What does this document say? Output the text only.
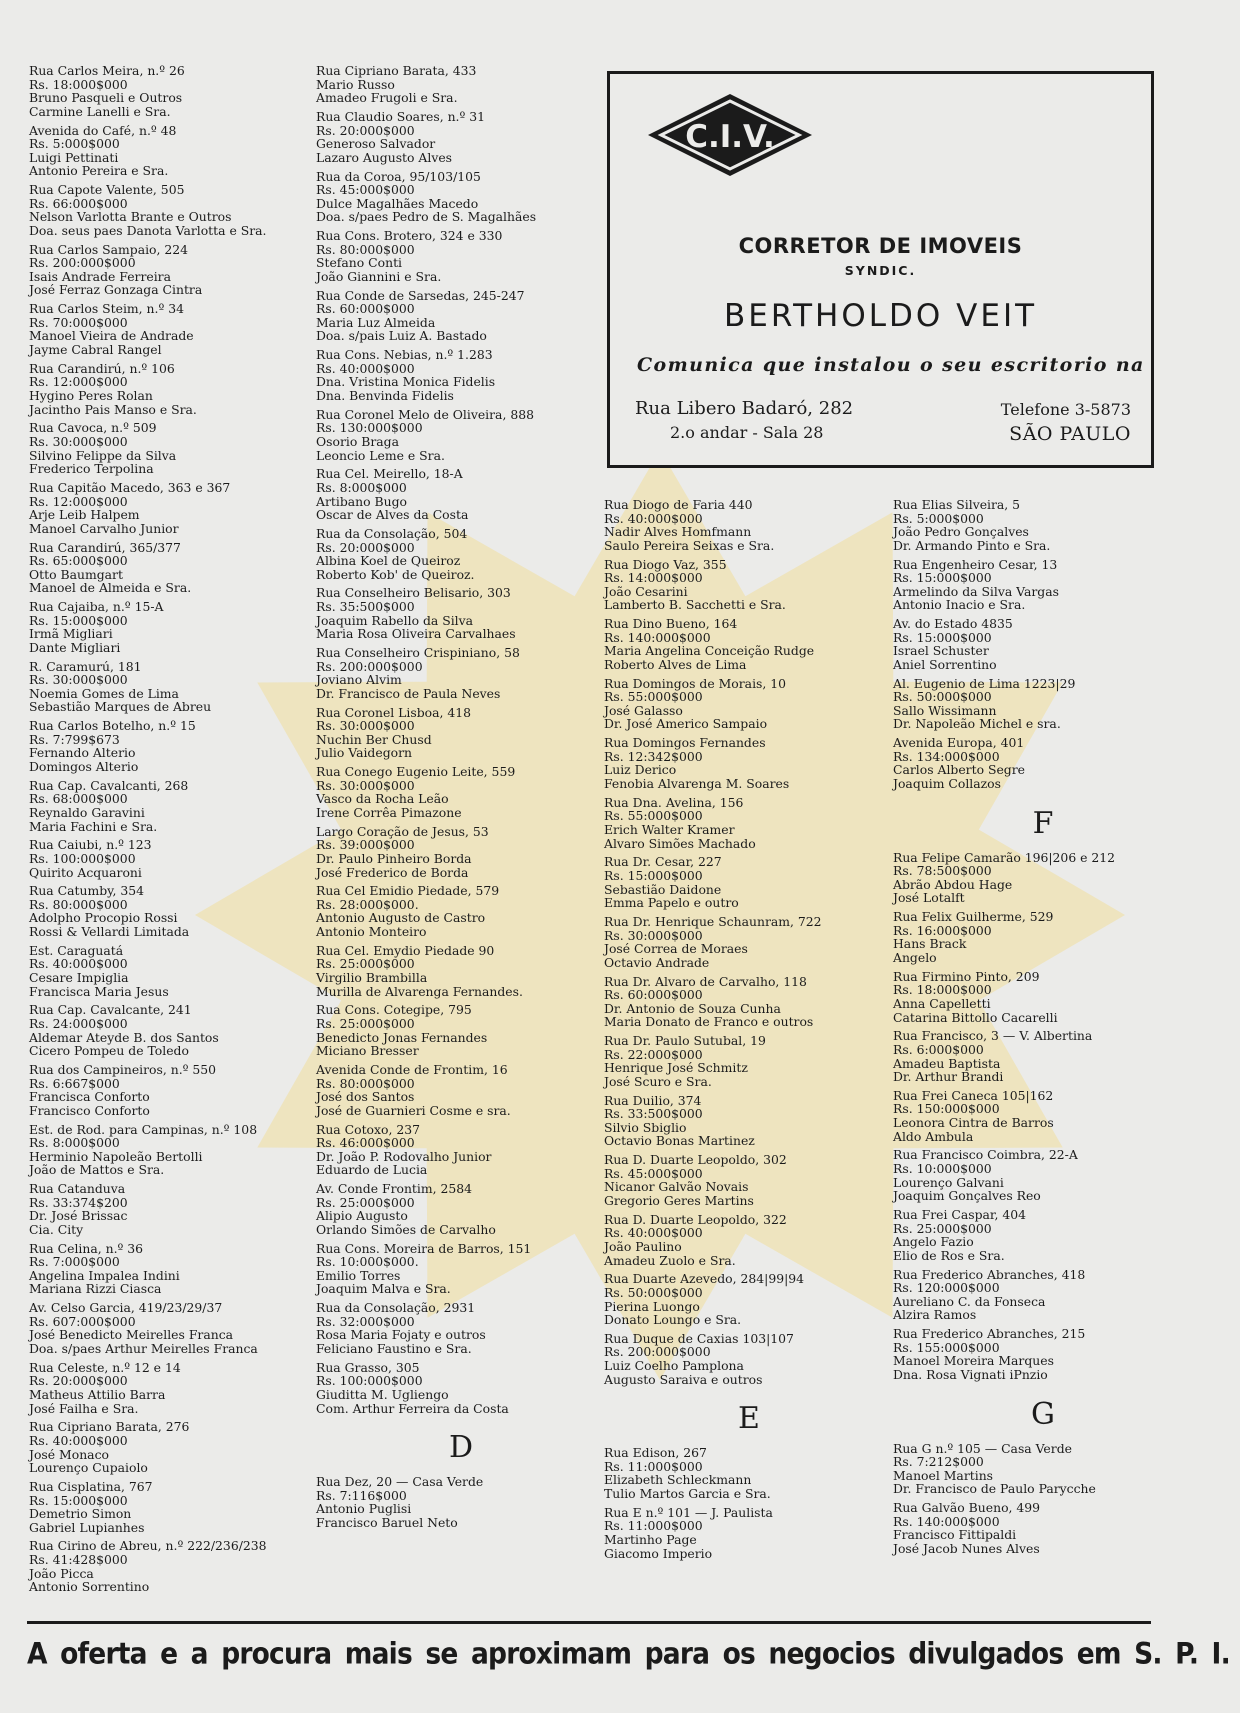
Rua Carlos Meira, n.º 26
Rs. 18:000$000
Bruno Pasqueli e Outros
Carmine Lanelli e Sra.
Avenida do Café, n.º 48
Rs. 5:000$000
Luigi Pettinati
Antonio Pereira e Sra.
Rua Capote Valente, 505
Rs. 66:000$000
Nelson Varlotta Brante e Outros
Doa. seus paes Danota Varlotta e Sra.
Rua Carlos Sampaio, 224
Rs. 200:000$000
Isais Andrade Ferreira
José Ferraz Gonzaga Cintra
Rua Carlos Steim, n.º 34
Rs. 70:000$000
Manoel Vieira de Andrade
Jayme Cabral Rangel
Rua Carandirú, n.º 106
Rs. 12:000$000
Hygino Peres Rolan
Jacintho Pais Manso e Sra.
Rua Cavoca, n.º 509
Rs. 30:000$000
Silvino Felippe da Silva
Frederico Terpolina
Rua Capitão Macedo, 363 e 367
Rs. 12:000$000
Arje Leib Halpem
Manoel Carvalho Junior
Rua Carandirú, 365/377
Rs. 65:000$000
Otto Baumgart
Manoel de Almeida e Sra.
Rua Cajaiba, n.º 15-A
Rs. 15:000$000
Irmã Migliari
Dante Migliari
R. Caramurú, 181
Rs. 30:000$000
Noemia Gomes de Lima
Sebastião Marques de Abreu
Rua Carlos Botelho, n.º 15
Rs. 7:799$673
Fernando Alterio
Domingos Alterio
Rua Cap. Cavalcanti, 268
Rs. 68:000$000
Reynaldo Garavini
Maria Fachini e Sra.
Rua Caiubi, n.º 123
Rs. 100:000$000
Quirito Acquaroni
Rua Catumby, 354
Rs. 80:000$000
Adolpho Procopio Rossi
Rossi & Vellardi Limitada
Est. Caraguatá
Rs. 40:000$000
Cesare Impiglia
Francisca Maria Jesus
Rua Cap. Cavalcante, 241
Rs. 24:000$000
Aldemar Ateyde B. dos Santos
Cicero Pompeu de Toledo
Rua dos Campineiros, n.º 550
Rs. 6:667$000
Francisca Conforto
Francisco Conforto
Est. de Rod. para Campinas, n.º 108
Rs. 8:000$000
Herminio Napoleão Bertolli
João de Mattos e Sra.
Rua Catanduva
Rs. 33:374$200
Dr. José Brissac
Cia. City
Rua Celina, n.º 36
Rs. 7:000$000
Angelina Impalea Indini
Mariana Rizzi Ciasca
Av. Celso Garcia, 419/23/29/37
Rs. 607:000$000
José Benedicto Meirelles Franca
Doa. s/paes Arthur Meirelles Franca
Rua Celeste, n.º 12 e 14
Rs. 20:000$000
Matheus Attilio Barra
José Failha e Sra.
Rua Cipriano Barata, 276
Rs. 40:000$000
José Monaco
Lourenço Cupaiolo
Rua Cisplatina, 767
Rs. 15:000$000
Demetrio Simon
Gabriel Lupianhes
Rua Cirino de Abreu, n.º 222/236/238
Rs. 41:428$000
João Picca
Antonio Sorrentino
Rua Cipriano Barata, 433
Mario Russo
Amadeo Frugoli e Sra.
Rua Claudio Soares, n.º 31
Rs. 20:000$000
Generoso Salvador
Lazaro Augusto Alves
Rua da Coroa, 95/103/105
Rs. 45:000$000
Dulce Magalhães Macedo
Doa. s/paes Pedro de S. Magalhães
Rua Cons. Brotero, 324 e 330
Rs. 80:000$000
Stefano Conti
João Giannini e Sra.
Rua Conde de Sarsedas, 245-247
Rs. 60:000$000
Maria Luz Almeida
Doa. s/pais Luiz A. Bastado
Rua Cons. Nebias, n.º 1.283
Rs. 40:000$000
Dna. Vristina Monica Fidelis
Dna. Benvinda Fidelis
Rua Coronel Melo de Oliveira, 888
Rs. 130:000$000
Osorio Braga
Leoncio Leme e Sra.
Rua Cel. Meirello, 18-A
Rs. 8:000$000
Artibano Bugo
Oscar de Alves da Costa
Rua da Consolação, 504
Rs. 20:000$000
Albina Koel de Queiroz
Roberto Kob' de Queiroz.
Rua Conselheiro Belisario, 303
Rs. 35:500$000
Joaquim Rabello da Silva
Maria Rosa Oliveira Carvalhaes
Rua Conselheiro Crispiniano, 58
Rs. 200:000$000
Joviano Alvim
Dr. Francisco de Paula Neves
Rua Coronel Lisboa, 418
Rs. 30:000$000
Nuchin Ber Chusd
Julio Vaidegorn
Rua Conego Eugenio Leite, 559
Rs. 30:000$000
Vasco da Rocha Leão
Irene Corrêa Pimazone
Largo Coração de Jesus, 53
Rs. 39:000$000
Dr. Paulo Pinheiro Borda
José Frederico de Borda
Rua Cel Emidio Piedade, 579
Rs. 28:000$000.
Antonio Augusto de Castro
Antonio Monteiro
Rua Cel. Emydio Piedade 90
Rs. 25:000$000
Virgilio Brambilla
Murilla de Alvarenga Fernandes.
Rua Cons. Cotegipe, 795
Rs. 25:000$000
Benedicto Jonas Fernandes
Miciano Bresser
Avenida Conde de Frontim, 16
Rs. 80:000$000
José dos Santos
José de Guarnieri Cosme e sra.
Rua Cotoxo, 237
Rs. 46:000$000
Dr. João P. Rodovalho Junior
Eduardo de Lucia
Av. Conde Frontim, 2584
Rs. 25:000$000
Alipio Augusto
Orlando Simões de Carvalho
Rua Cons. Moreira de Barros, 151
Rs. 10:000$000.
Emilio Torres
Joaquim Malva e Sra.
Rua da Consolação, 2931
Rs. 32:000$000
Rosa Maria Fojaty e outros
Feliciano Faustino e Sra.
Rua Grasso, 305
Rs. 100:000$000
Giuditta M. Ugliengo
Com. Arthur Ferreira da Costa
D
Rua Dez, 20 — Casa Verde
Rs. 7:116$000
Antonio Puglisi
Francisco Baruel Neto
Rua Diogo de Faria 440
Rs. 40:000$000
Nadir Alves Homfmann
Saulo Pereira Seixas e Sra.
Rua Diogo Vaz, 355
Rs. 14:000$000
João Cesarini
Lamberto B. Sacchetti e Sra.
Rua Dino Bueno, 164
Rs. 140:000$000
Maria Angelina Conceição Rudge
Roberto Alves de Lima
Rua Domingos de Morais, 10
Rs. 55:000$000
José Galasso
Dr. José Americo Sampaio
Rua Domingos Fernandes
Rs. 12:342$000
Luiz Derico
Fenobia Alvarenga M. Soares
Rua Dna. Avelina, 156
Rs. 55:000$000
Erich Walter Kramer
Alvaro Simões Machado
Rua Dr. Cesar, 227
Rs. 15:000$000
Sebastião Daidone
Emma Papelo e outro
Rua Dr. Henrique Schaunram, 722
Rs. 30:000$000
José Correa de Moraes
Octavio Andrade
Rua Dr. Alvaro de Carvalho, 118
Rs. 60:000$000
Dr. Antonio de Souza Cunha
Maria Donato de Franco e outros
Rua Dr. Paulo Sutubal, 19
Rs. 22:000$000
Henrique José Schmitz
José Scuro e Sra.
Rua Duilio, 374
Rs. 33:500$000
Silvio Sbiglio
Octavio Bonas Martinez
Rua D. Duarte Leopoldo, 302
Rs. 45:000$000
Nicanor Galvão Novais
Gregorio Geres Martins
Rua D. Duarte Leopoldo, 322
Rs. 40:000$000
João Paulino
Amadeu Zuolo e Sra.
Rua Duarte Azevedo, 284|99|94
Rs. 50:000$000
Pierina Luongo
Donato Loungo e Sra.
Rua Duque de Caxias 103|107
Rs. 200:000$000
Luiz Coelho Pamplona
Augusto Saraiva e outros
E
Rua Edison, 267
Rs. 11:000$000
Elizabeth Schleckmann
Tulio Martos Garcia e Sra.
Rua E n.º 101 — J. Paulista
Rs. 11:000$000
Martinho Page
Giacomo Imperio
Rua Elias Silveira, 5
Rs. 5:000$000
João Pedro Gonçalves
Dr. Armando Pinto e Sra.
Rua Engenheiro Cesar, 13
Rs. 15:000$000
Armelindo da Silva Vargas
Antonio Inacio e Sra.
Av. do Estado 4835
Rs. 15:000$000
Israel Schuster
Aniel Sorrentino
Al. Eugenio de Lima 1223|29
Rs. 50:000$000
Sallo Wissimann
Dr. Napoleão Michel e sra.
Avenida Europa, 401
Rs. 134:000$000
Carlos Alberto Segre
Joaquim Collazos
F
Rua Felipe Camarão 196|206 e 212
Rs. 78:500$000
Abrão Abdou Hage
José Lotalft
Rua Felix Guilherme, 529
Rs. 16:000$000
Hans Brack
Angelo
Rua Firmino Pinto, 209
Rs. 18:000$000
Anna Capelletti
Catarina Bittollo Cacarelli
Rua Francisco, 3 — V. Albertina
Rs. 6:000$000
Amadeu Baptista
Dr. Arthur Brandi
Rua Frei Caneca 105|162
Rs. 150:000$000
Leonora Cintra de Barros
Aldo Ambula
Rua Francisco Coimbra, 22-A
Rs. 10:000$000
Lourenço Galvani
Joaquim Gonçalves Reo
Rua Frei Caspar, 404
Rs. 25:000$000
Angelo Fazio
Elio de Ros e Sra.
Rua Frederico Abranches, 418
Rs. 120:000$000
Aureliano C. da Fonseca
Alzira Ramos
Rua Frederico Abranches, 215
Rs. 155:000$000
Manoel Moreira Marques
Dna. Rosa Vignati iPnzio
G
Rua G n.º 105 — Casa Verde
Rs. 7:212$000
Manoel Martins
Dr. Francisco de Paulo Parycche
Rua Galvão Bueno, 499
Rs. 140:000$000
Francisco Fittipaldi
José Jacob Nunes Alves
C.I.V.
CORRETOR DE IMOVEIS
SYNDIC.
BERTHOLDO VEIT
Comunica que instalou o seu escritorio na
Rua Libero Badaró, 282
2.o andar - Sala 28
Telefone 3-5873
SÃO PAULO
A oferta e a procura mais se aproximam para os negocios divulgados em S. P. I.
